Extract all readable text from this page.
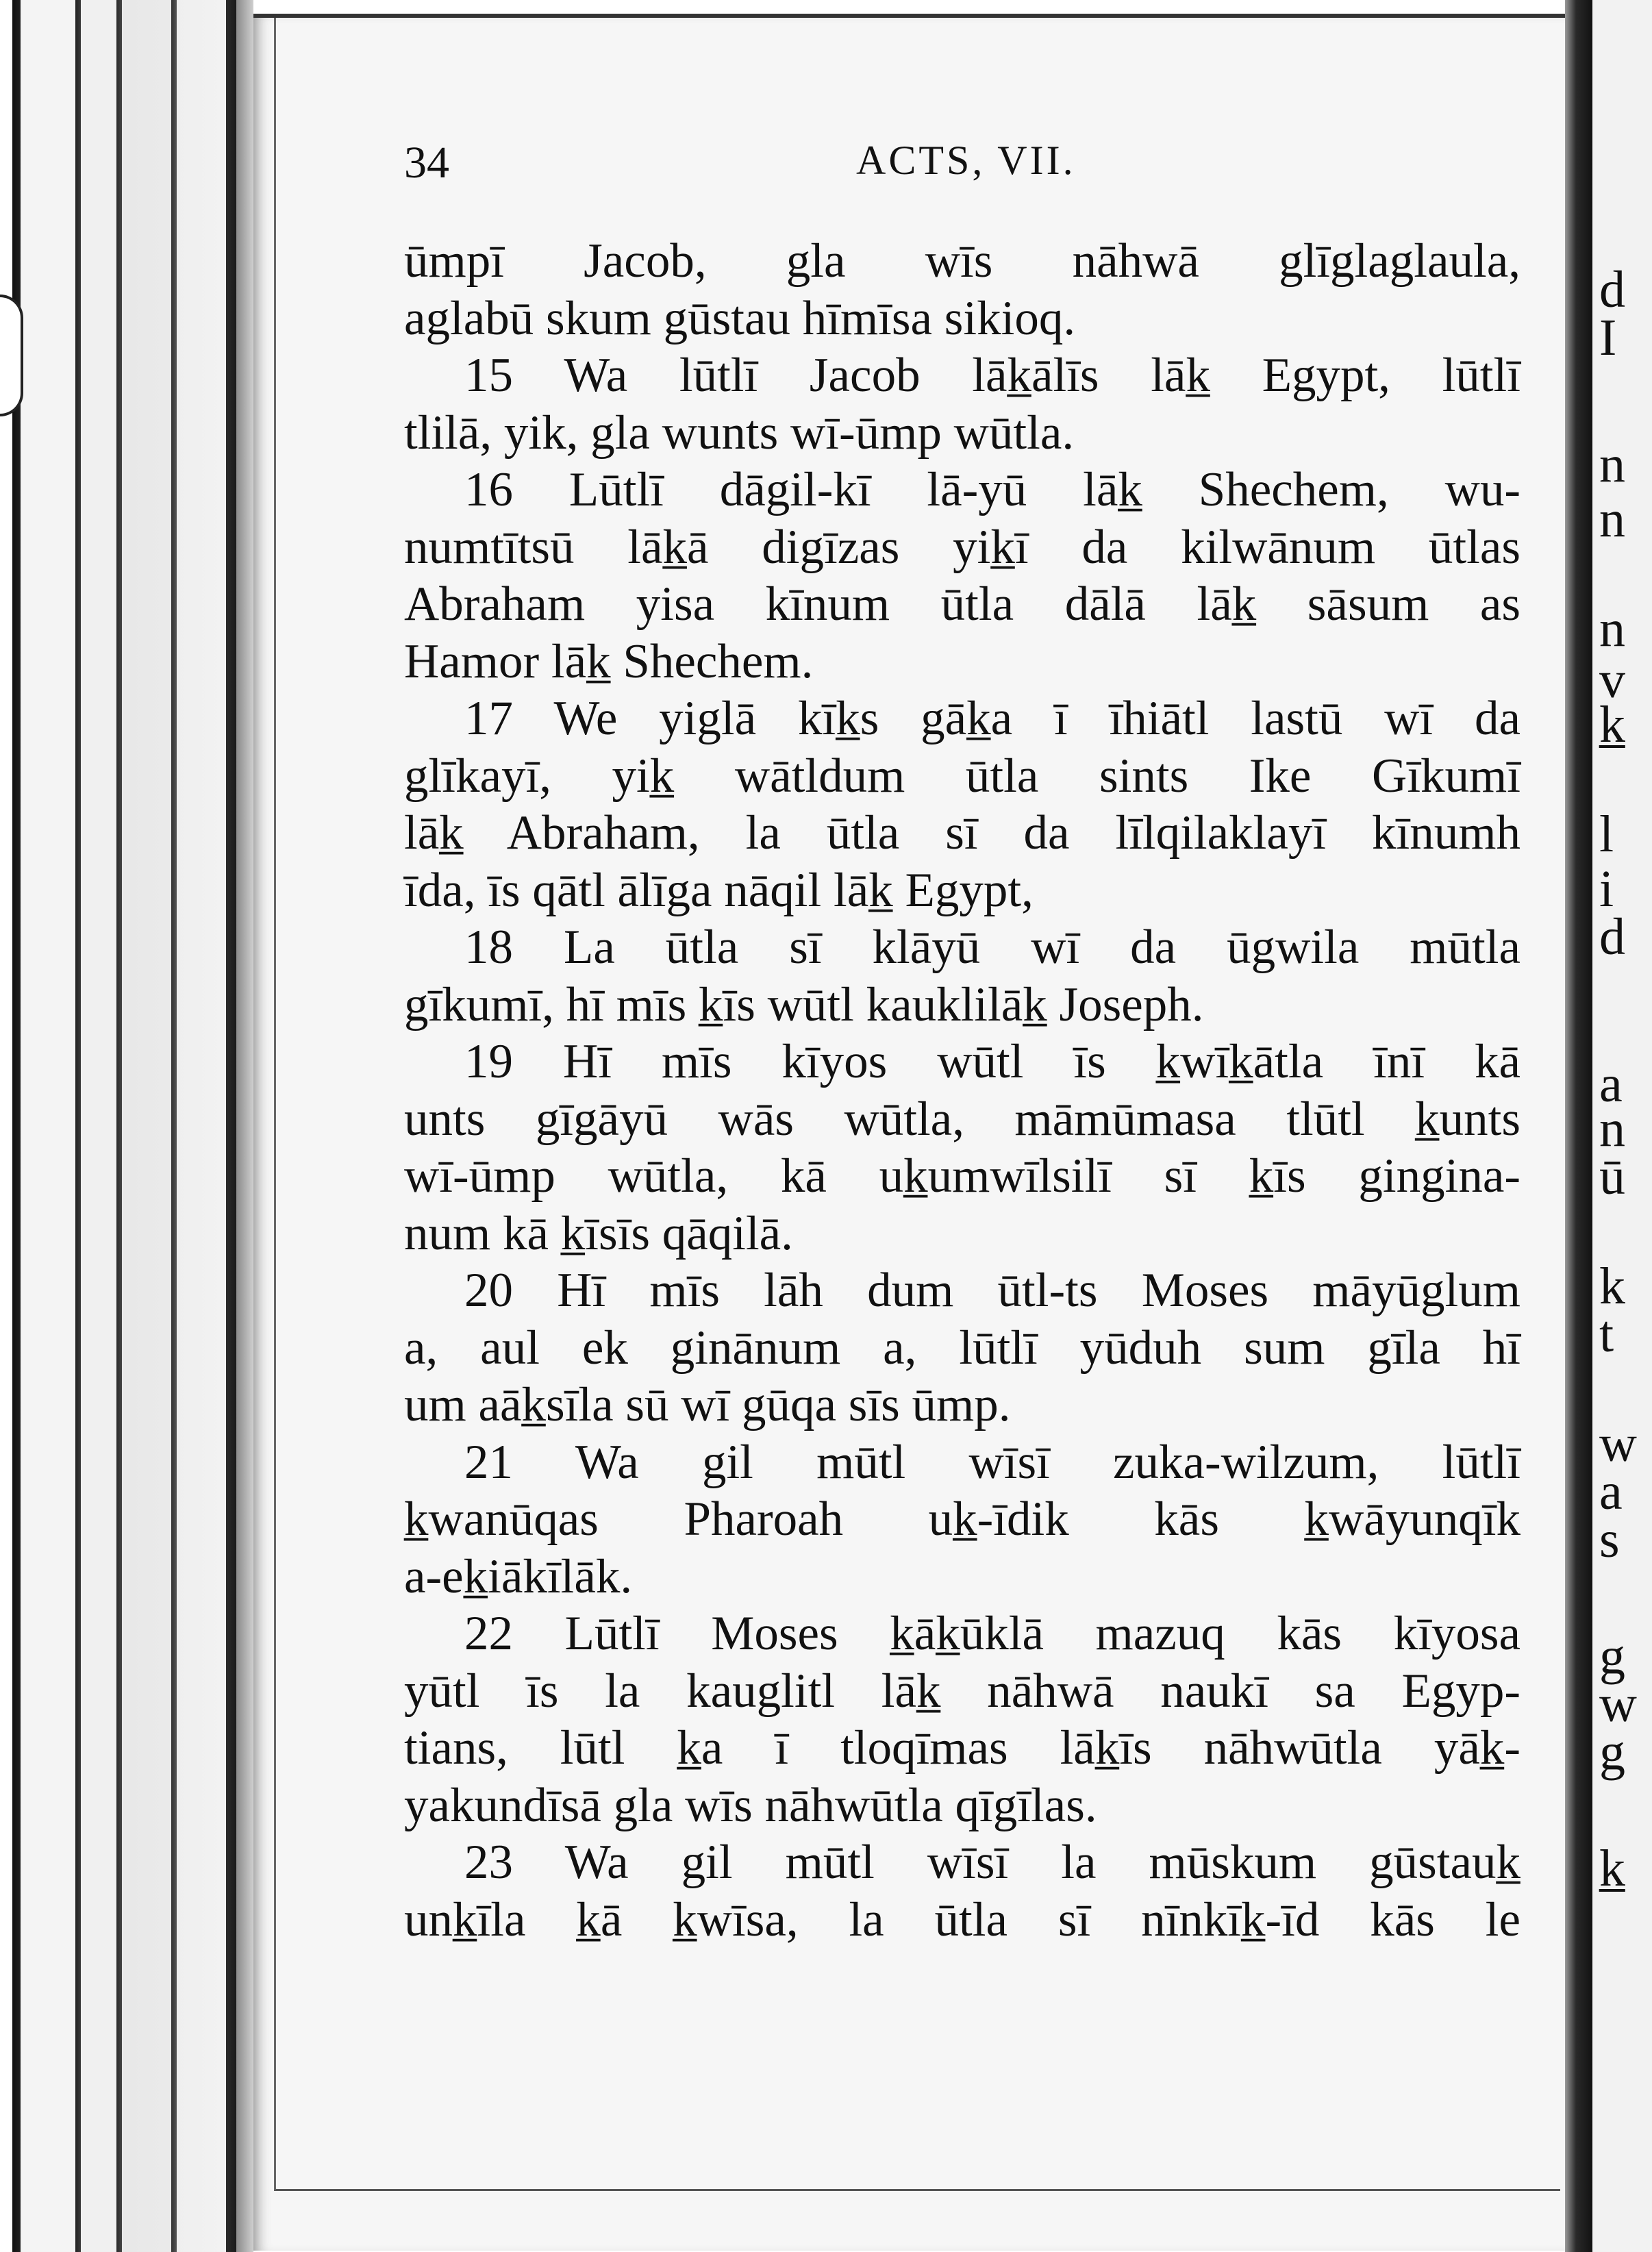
d
I
n
n
n
v
k̲
l
i
d
a
n
ū
k
t
w
a
s
g
w
g
k̲
34	ACTS, VII.
ūmpī Jacob, gla wīs nāhwā glīglaglaula,
aglabū skum gūstau hīmīsa sikioq.
15 Wa lūtlī Jacob lāk̲ālīs lāk̲ Egypt, lūtlī
tlilā, yik, gla wunts wī-ūmp wūtla.
16 Lūtlī dāgil-kī lā-yū lāk̲ Shechem, wu-
numtītsū lāk̲ā digīzas yik̲ī da kilwānum ūtlas
Abraham yisa kīnum ūtla dālā lāk̲ sāsum as
Hamor lāk̲ Shechem.
17 We yiglā kīk̲s gāk̲a ī īhiātl lastū wī da
glīkayī, yik̲ wātldum ūtla sints Ike Gīkumī
lāk̲ Abraham, la ūtla sī da līlqilaklayī kīnumh
īda, īs qātl ālīga nāqil lāk̲ Egypt,
18 La ūtla sī klāyū wī da ūgwila mūtla
gīkumī, hī mīs k̲īs wūtl kauklilāk̲ Joseph.
19 Hī mīs kīyos wūtl īs k̲wīk̲ātla īnī kā
unts gīgāyū wās wūtla, māmūmasa tlūtl k̲unts
wī-ūmp wūtla, kā uk̲umwīlsilī sī k̲īs gingina-
num kā k̲īsīs qāqilā.
20 Hī mīs lāh dum ūtl-ts Moses māyūglum
a, aul ek ginānum a, lūtlī yūduh sum gīla hī
um aāk̲sīla sū wī gūqa sīs ūmp.
21 Wa gil mūtl wīsī zuka-wilzum, lūtlī
k̲wanūqas Pharoah uk̲-īdik kās k̲wāyunqīk
a-ek̲iākīlāk.
22 Lūtlī Moses k̲āk̲ūklā mazuq kās kīyosa
yūtl īs la kauglitl lāk̲ nāhwā naukī sa Egyp-
tians, lūtl k̲a ī tloqīmas lāk̲īs nāhwūtla yāk̲-
yakundīsā gla wīs nāhwūtla qīgīlas.
23 Wa gil mūtl wīsī la mūskum gūstauk̲
unk̲īla k̲ā k̲wīsa, la ūtla sī nīnkīk̲-īd kās le
